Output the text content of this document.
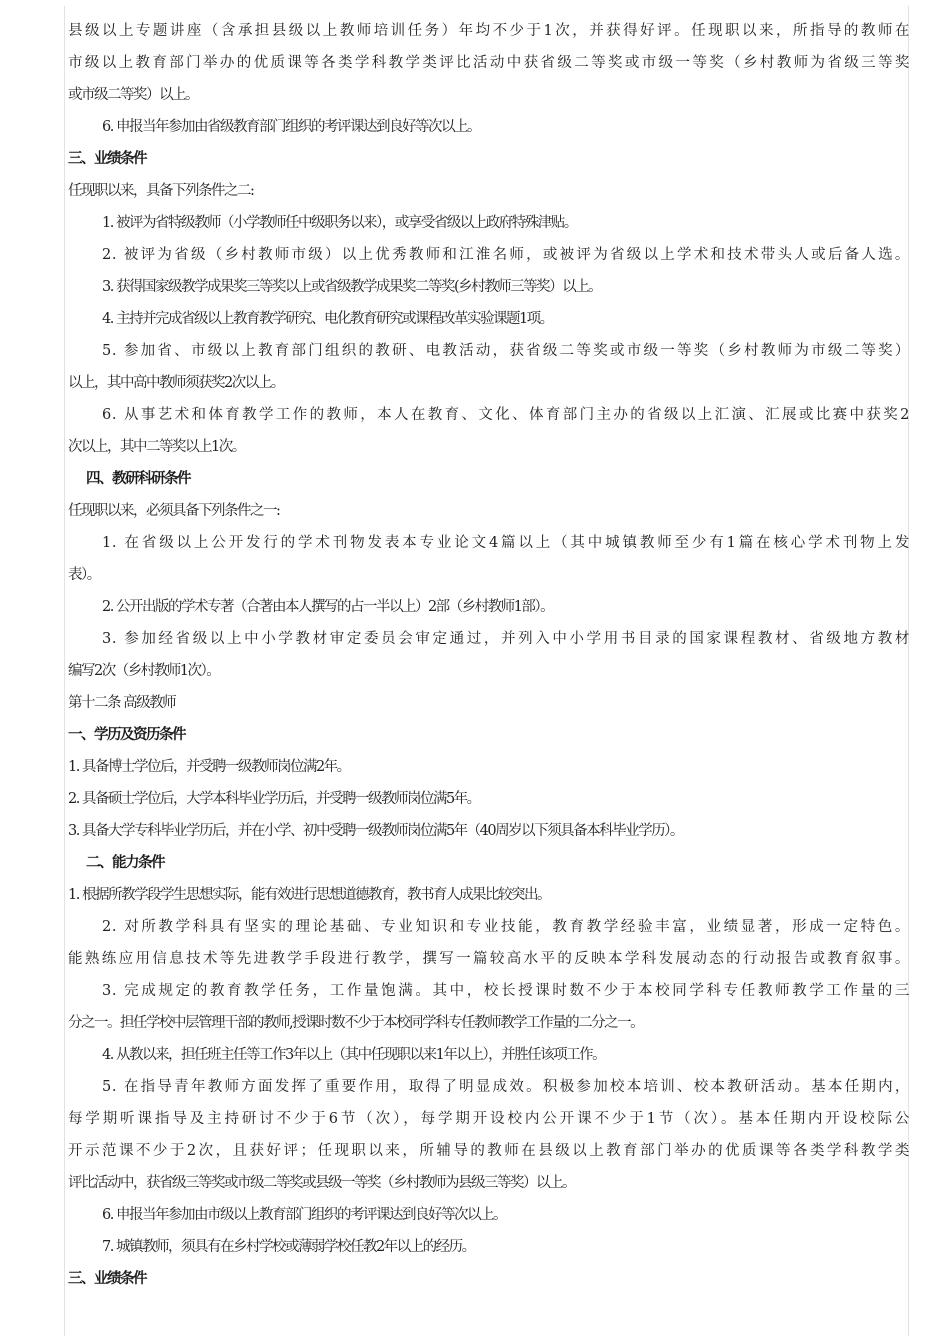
县级以上专题讲座（含承担县级以上教师培训任务）年均不少于1次，并获得好评。任现职以来，所指导的教师在

市级以上教育部门举办的优质课等各类学科教学类评比活动中获省级二等奖或市级一等奖（乡村教师为省级三等奖

或市级二等奖）以上。

6. 申报当年参加由省级教育部门组织的考评课达到良好等次以上。

三、业绩条件

任现职以来，具备下列条件之二:

1. 被评为省特级教师（小学教师任中级职务以来），或享受省级以上政府特殊津贴。

2. 被评为省级（乡村教师市级）以上优秀教师和江淮名师，或被评为省级以上学术和技术带头人或后备人选。

3. 获得国家级教学成果奖三等奖以上或省级教学成果奖二等奖(乡村教师三等奖）以上。

4. 主持并完成省级以上教育教学研究、电化教育研究或课程改革实验课题1项。

5. 参加省、市级以上教育部门组织的教研、电教活动，获省级二等奖或市级一等奖（乡村教师为市级二等奖）

以上，其中高中教师须获奖2次以上。

6. 从事艺术和体育教学工作的教师，本人在教育、文化、体育部门主办的省级以上汇演、汇展或比赛中获奖2

次以上，其中二等奖以上1次。

四、教研科研条件

任现职以来，必须具备下列条件之一:

1. 在省级以上公开发行的学术刊物发表本专业论文4篇以上（其中城镇教师至少有1篇在核心学术刊物上发

表）。

2. 公开出版的学术专著（合著由本人撰写的占一半以上）2部（乡村教师1部）。

3. 参加经省级以上中小学教材审定委员会审定通过，并列入中小学用书目录的国家课程教材、省级地方教材

编写2次（乡村教师1次）。

第十二条 高级教师

一、学历及资历条件

1. 具备博士学位后，并受聘一级教师岗位满2年。

2. 具备硕士学位后，大学本科毕业学历后，并受聘一级教师岗位满5年。

3. 具备大学专科毕业学历后，并在小学、初中受聘一级教师岗位满5年（40周岁以下须具备本科毕业学历）。

二、能力条件

1. 根据所教学段学生思想实际，能有效进行思想道德教育，教书育人成果比较突出。

2. 对所教学科具有坚实的理论基础、专业知识和专业技能，教育教学经验丰富，业绩显著，形成一定特色。

能熟练应用信息技术等先进教学手段进行教学，撰写一篇较高水平的反映本学科发展动态的行动报告或教育叙事。

3. 完成规定的教育教学任务，工作量饱满。其中，校长授课时数不少于本校同学科专任教师教学工作量的三

分之一。担任学校中层管理干部的教师,授课时数不少于本校同学科专任教师教学工作量的二分之一。

4. 从教以来，担任班主任等工作3年以上（其中任现职以来1年以上），并胜任该项工作。

5. 在指导青年教师方面发挥了重要作用，取得了明显成效。积极参加校本培训、校本教研活动。基本任期内，

每学期听课指导及主持研讨不少于6节（次），每学期开设校内公开课不少于1节（次）。基本任期内开设校际公

开示范课不少于2次，且获好评；任现职以来，所辅导的教师在县级以上教育部门举办的优质课等各类学科教学类

评比活动中，获省级三等奖或市级二等奖或县级一等奖（乡村教师为县级三等奖）以上。

6. 申报当年参加由市级以上教育部门组织的考评课达到良好等次以上。

7. 城镇教师，须具有在乡村学校或薄弱学校任教2年以上的经历。

三、业绩条件
